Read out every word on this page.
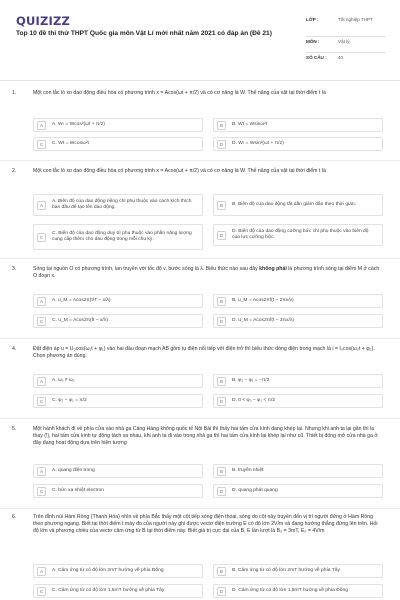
QUIZIZZ
Top 10 đề thi thử THPT Quốc gia môn Vật Lí mới nhất năm 2021 có đáp án (Đề 21)
LỚP :	Tốt nghiệp THPT
MÔN :	Vật lý
SỐ CÂU :	40
1.	Một con lắc lò xo dao động điều hòa có phương trình x = Acos(ωt + π/2) và có cơ năng là W. Thế năng của vật tại thời điểm t là
A	A. Wₜ = Wcos²(ωt + π/2)	B	B. Wt = Wsinω²t
C	C. Wt = Wcosω²t	D	D. Wₜ = Wsin²(ωt + π/2)
2.	Một con lắc lò xo dao động điều hòa có phương trình x = Acos(ωt + π/2) và có cơ năng là W. Thế năng của vật tại thời điểm t là
A
A. Biên độ của dao động riêng chỉ phụ thuộc vào cách kích thích ban đầu để tạo lên dao động.	B	B. Biên độ của dao động tắt dần giảm dần theo thời gian.
C
C. Biên độ của dao động duy trì phụ thuộc vào phần năng lượng cung cấp thêm cho dao động trong mỗi chu kỳ.
D
D. Biên độ của dao động cưỡng bức chỉ phụ thuộc vào biên độ của lực cưỡng bức.
3.	Sóng tại nguồn O có phương trình, lan truyền với tốc độ v, bước sóng là λ. Biểu thức nào sau đây không phải là phương trình sóng tại điểm M ở cách O đoạn x.
A	A. u_M = Acos2π(t/T − x/λ)	B	B. u_M = Acos2πf(t − 2πx/v)
C	C. u_M = Acos2π(ft − x/λ)	D	D. u_M = Acos2πf(t − 2πx/λ)
4.	Đặt điện áp u = U₀cos(ω₁t + φ₁) vào hai đầu đoạn mạch AB gồm tụ điện nối tiếp với điện trở thì biểu thức dòng điện trong mạch là i = I₀cos(ω₂t + φ₂). Chọn phương án đúng.
A	A. ω₁ ≠ ω₂	B	B. φ₂ − φ₁ = −π/2
C	C. φ₂ − φ₁ = π/2	D	D. 0 < φ₂ − φ₁ < π/2
5.	Một hành khách đi về phía cửa vào nhà ga Cảng Hàng không quốc tế Nội Bài thì thấy hai tấm cửa kính đang khép lại. Nhưng khi anh ta lại gần thì lạ thay (!), hai tấm cửa kính tự động tách xa nhau, khi anh ta đi vào trong nhà ga thì hai tấm cửa kính lại khép lại như cũ. Thiết bị đóng mở cửa nhà ga ở đây đang hoạt động dựa trên hiện tượng
A	A. quang điện trong	B	B. truyền nhiệt
C	C. bức xạ nhiệt electron	D	D. quang phát quang
6.	Trên đỉnh núi Hàm Rồng (Thanh Hóa) nhìn về phía Bắc thấy một cột tiếp sóng điện thoại, sóng do cột này truyền đến vị trí người đứng ở Hàm Rồng theo phương ngang. Biết tại thời điểm t máy đo của người này ghi được vectơ điện trường E có độ lớn 2V/m và đang hướng thẳng đứng lên trên. Hỏi độ lớn và phương chiều của vectơ cảm ứng từ B tại thời điểm này. Biết giá trị cực đại của B, E lần lượt là B₀ = 3mT, E₀ = 4V/m
A	A. Cảm ứng từ có độ lớn 2mT hướng về phía Đông	B	B. Cảm ứng từ có độ lớn 2mT hướng về phía Tây
C	C. Cảm ứng từ có độ lớn 1,5mT hướng về phía Tây	D	D. Cảm ứng từ có độ lớn 1,5mT hướng về phía Đông
